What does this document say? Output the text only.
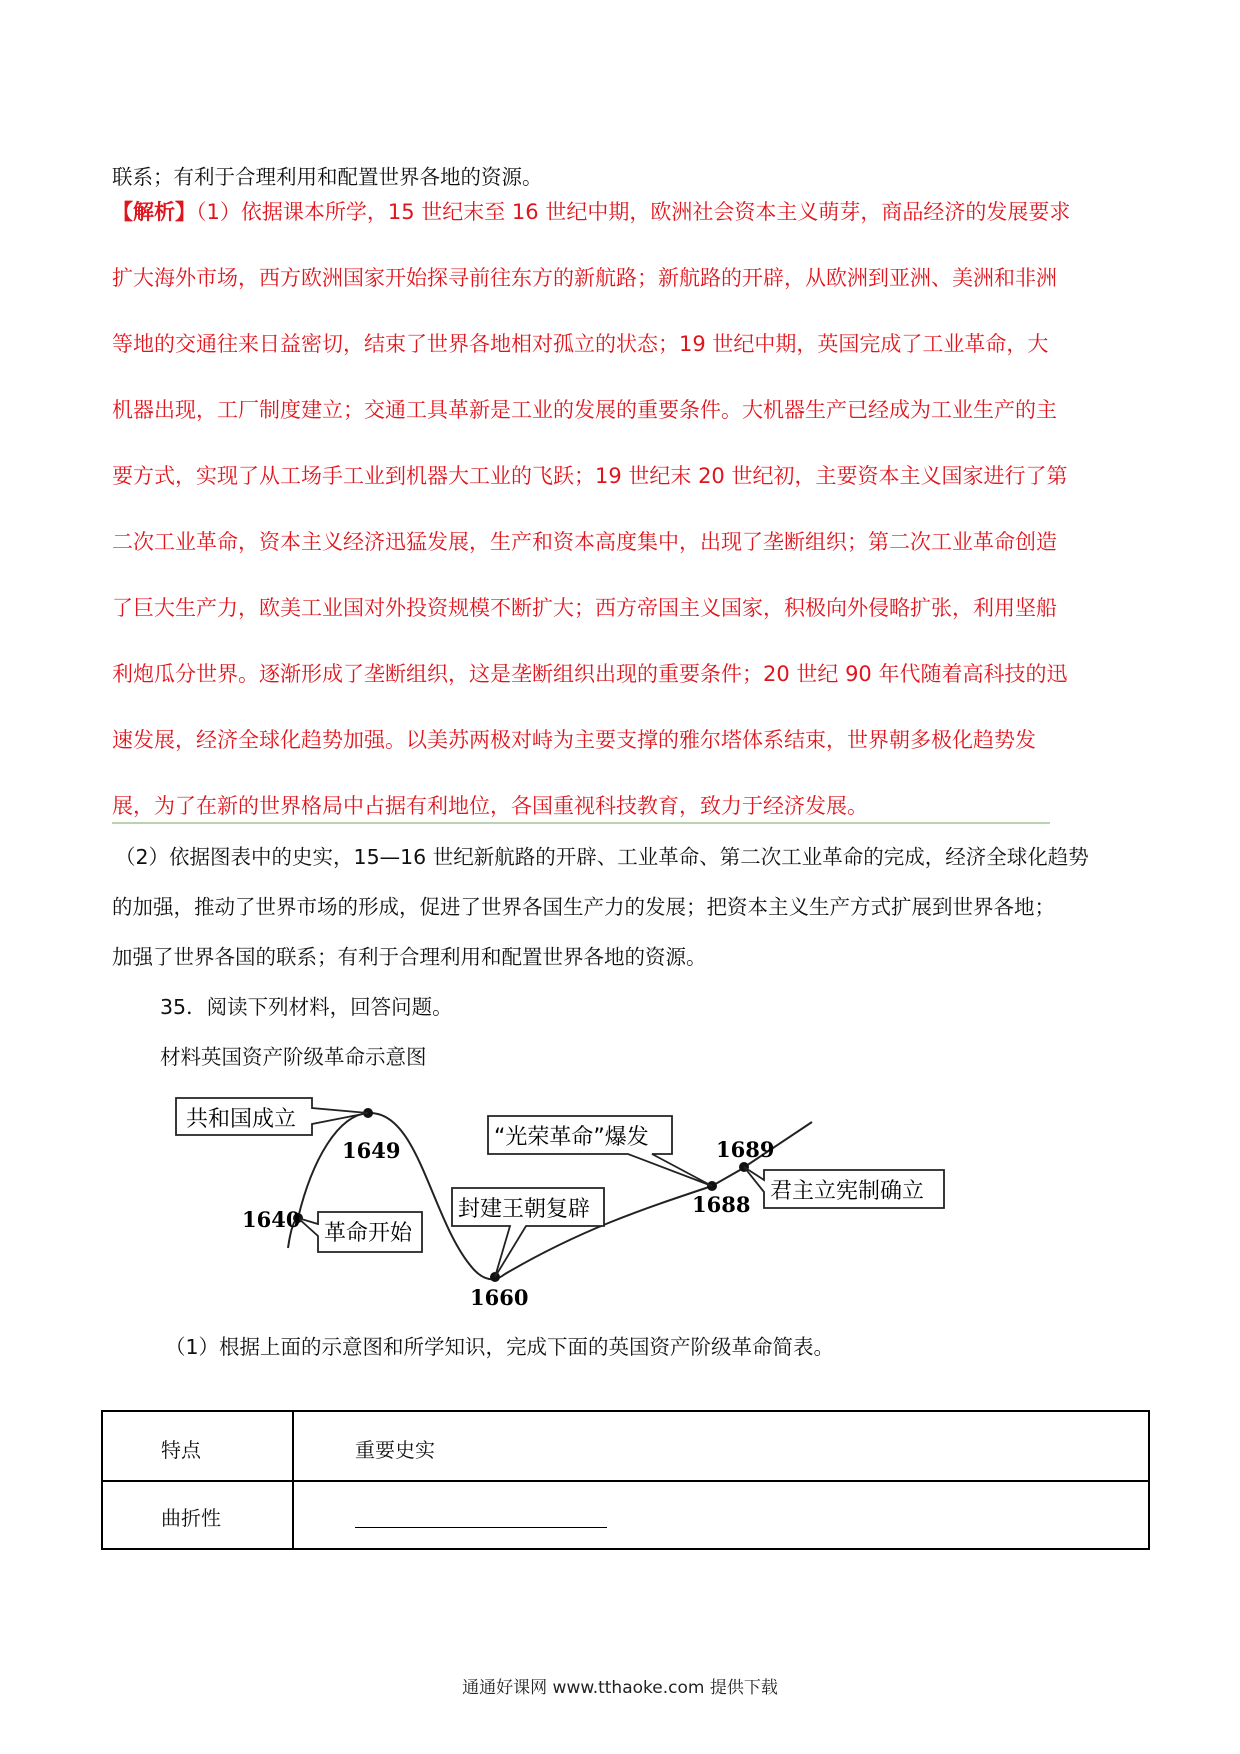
联系；有利于合理利用和配置世界各地的资源。
【解析】（1）依据课本所学，15 世纪末至 16 世纪中期，欧洲社会资本主义萌芽，商品经济的发展要求
扩大海外市场，西方欧洲国家开始探寻前往东方的新航路；新航路的开辟，从欧洲到亚洲、美洲和非洲
等地的交通往来日益密切，结束了世界各地相对孤立的状态；19 世纪中期，英国完成了工业革命，大
机器出现，工厂制度建立；交通工具革新是工业的发展的重要条件。大机器生产已经成为工业生产的主
要方式，实现了从工场手工业到机器大工业的飞跃；19 世纪末 20 世纪初，主要资本主义国家进行了第
二次工业革命，资本主义经济迅猛发展，生产和资本高度集中，出现了垄断组织；第二次工业革命创造
了巨大生产力，欧美工业国对外投资规模不断扩大；西方帝国主义国家，积极向外侵略扩张，利用坚船
利炮瓜分世界。逐渐形成了垄断组织，这是垄断组织出现的重要条件；20 世纪 90 年代随着高科技的迅
速发展，经济全球化趋势加强。以美苏两极对峙为主要支撑的雅尔塔体系结束，世界朝多极化趋势发
展，为了在新的世界格局中占据有利地位，各国重视科技教育，致力于经济发展。
（2）依据图表中的史实，15—16 世纪新航路的开辟、工业革命、第二次工业革命的完成，经济全球化趋势
的加强，推动了世界市场的形成，促进了世界各国生产力的发展；把资本主义生产方式扩展到世界各地；
加强了世界各国的联系；有利于合理利用和配置世界各地的资源。
35．阅读下列材料，回答问题。
材料英国资产阶级革命示意图
共和国成立
1649
革命开始
1640	封建王朝复辟
1660
“光荣革命”爆发
1688
君主立宪制确立
1689
（1）根据上面的示意图和所学知识，完成下面的英国资产阶级革命简表。
特点	重要史实
曲折性
通通好课网 www.tthaoke.com 提供下载
